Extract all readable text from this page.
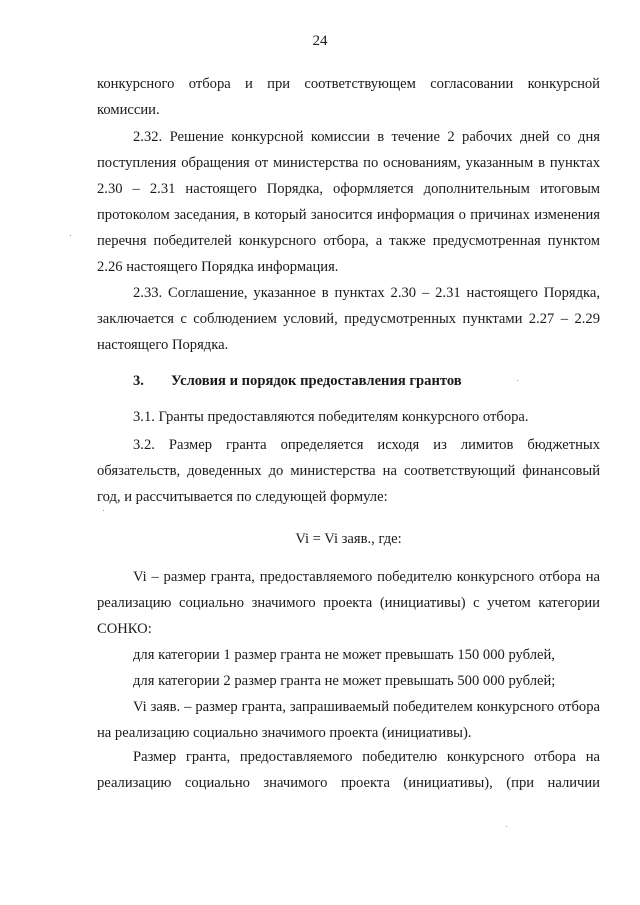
24

конкурсного отбора и при соответствующем согласовании конкурсной комиссии.

2.32. Решение конкурсной комиссии в течение 2 рабочих дней со дня поступления обращения от министерства по основаниям, указанным в пунктах 2.30 – 2.31 настоящего Порядка, оформляется дополнительным итоговым протоколом заседания, в который заносится информация о причинах изменения перечня победителей конкурсного отбора, а также предусмотренная пунктом 2.26 настоящего Порядка информация.

2.33. Соглашение, указанное в пунктах 2.30 – 2.31 настоящего Порядка, заключается с соблюдением условий, предусмотренных пунктами 2.27 – 2.29 настоящего Порядка.

3. Условия и порядок предоставления грантов

3.1. Гранты предоставляются победителям конкурсного отбора.

3.2. Размер гранта определяется исходя из лимитов бюджетных обязательств, доведенных до министерства на соответствующий финансовый год, и рассчитывается по следующей формуле:

Vi = Vi заяв., где:

Vi – размер гранта, предоставляемого победителю конкурсного отбора на реализацию социально значимого проекта (инициативы) с учетом категории СОНКО:

для категории 1 размер гранта не может превышать 150 000 рублей,

для категории 2 размер гранта не может превышать 500 000 рублей;

Vi заяв. – размер гранта, запрашиваемый победителем конкурсного отбора на реализацию социально значимого проекта (инициативы).

Размер гранта, предоставляемого победителю конкурсного отбора на реализацию социально значимого проекта (инициативы), (при наличии
